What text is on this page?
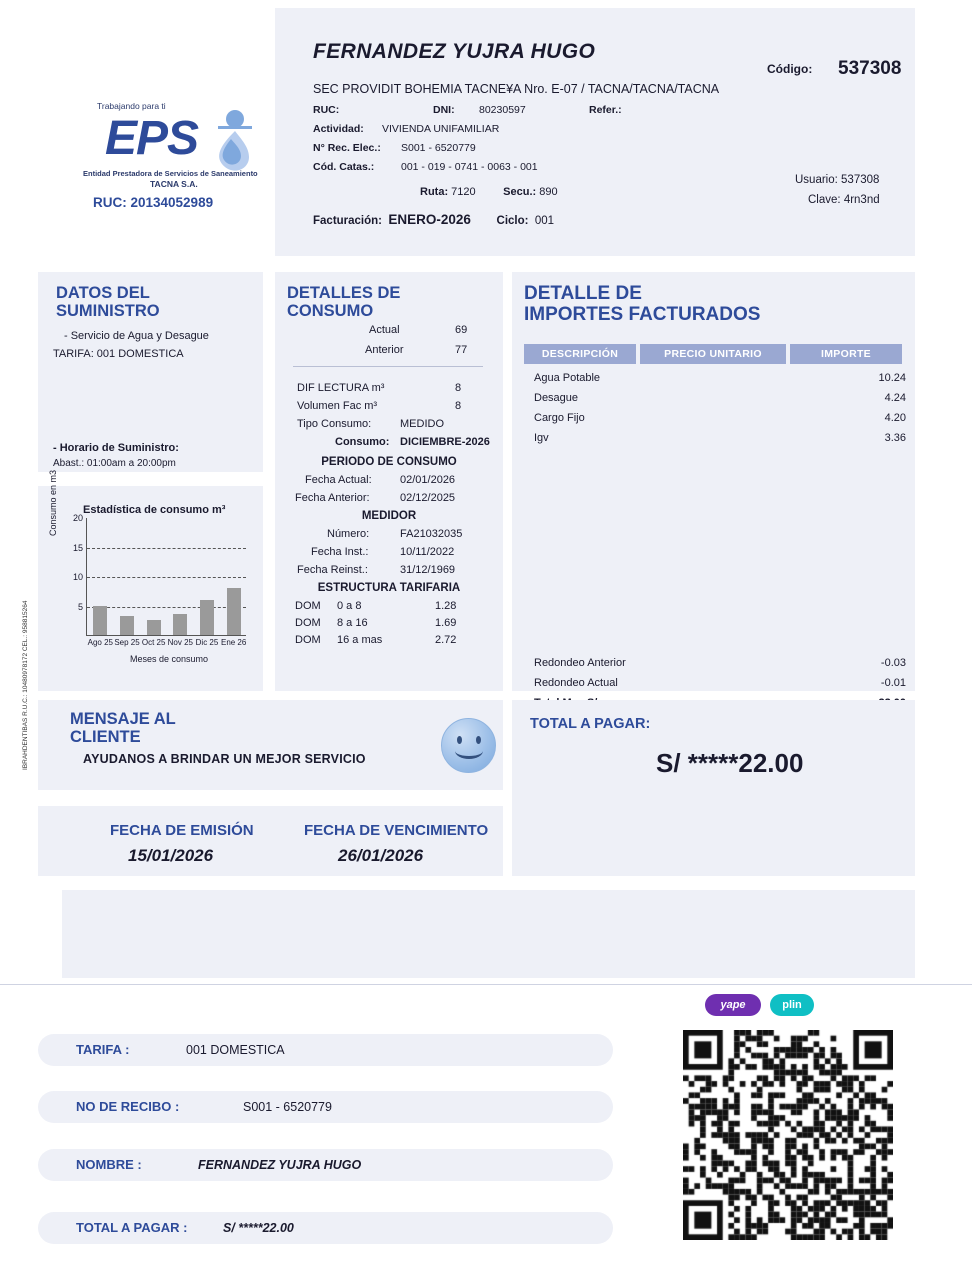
Trabajando para ti
EPS
Entidad Prestadora de Servicios de Saneamiento
TACNA S.A.
RUC: 20134052989
FERNANDEZ YUJRA HUGO
SEC PROVIDIT BOHEMIA TACNE¥A Nro. E-07 / TACNA/TACNA/TACNA
Código: 537308
Usuario: 537308
Clave: 4rn3nd
RUC:	DNI:	80230597	Refer.:
Actividad:	VIVIENDA UNIFAMILIAR
N° Rec. Elec.:	S001 - 6520779
Cód. Catas.:	001 - 019 - 0741 - 0063 - 001
Ruta: 7120	Secu.: 890
Facturación: ENERO-2026 Ciclo: 001
DATOS DEL
SUMINISTRO
- Servicio de Agua y Desague
TARIFA: 001 DOMESTICA
- Horario de Suministro:
Abast.: 01:00am a 20:00pm
Estadística de consumo m³
Consumo en m3
5
10
15
20
Ago 25 Sep 25 Oct 25 Nov 25 Dic 25 Ene 26
Meses de consumo
DETALLES DE
CONSUMO
Actual	69
Anterior	77
DIF LECTURA m³	8
Volumen Fac m³	8
Tipo Consumo:	MEDIDO
Consumo: DICIEMBRE-2026
PERIODO DE CONSUMO
Fecha Actual:	02/01/2026
Fecha Anterior:	02/12/2025
MEDIDOR
Número:	FA21032035
Fecha Inst.:	10/11/2022
Fecha Reinst.:	31/12/1969
ESTRUCTURA TARIFARIA
DOM 0 a 8	1.28
DOM 8 a 16	1.69
DOM 16 a mas	2.72
DETALLE DE
IMPORTES FACTURADOS
DESCRIPCIÓN	PRECIO UNITARIO	IMPORTE
Agua Potable	10.24
Desague	4.24
Cargo Fijo	4.20
Igv	3.36
Redondeo Anterior	-0.03
Redondeo Actual	-0.01
MENSAJE AL
CLIENTE
AYUDANOS A BRINDAR UN MEJOR SERVICIO
FECHA DE EMISIÓN
15/01/2026
FECHA DE VENCIMIENTO
26/01/2026
TOTAL A PAGAR:
S/ *****22.00
IBRAHDENTIBAS R.U.C.: 10480978172 CEL.: 958815264
TARIFA :	001 DOMESTICA
NO DE RECIBO :	S001 - 6520779
NOMBRE :	FERNANDEZ YUJRA HUGO
TOTAL A PAGAR :	S/ *****22.00
yape	plin
